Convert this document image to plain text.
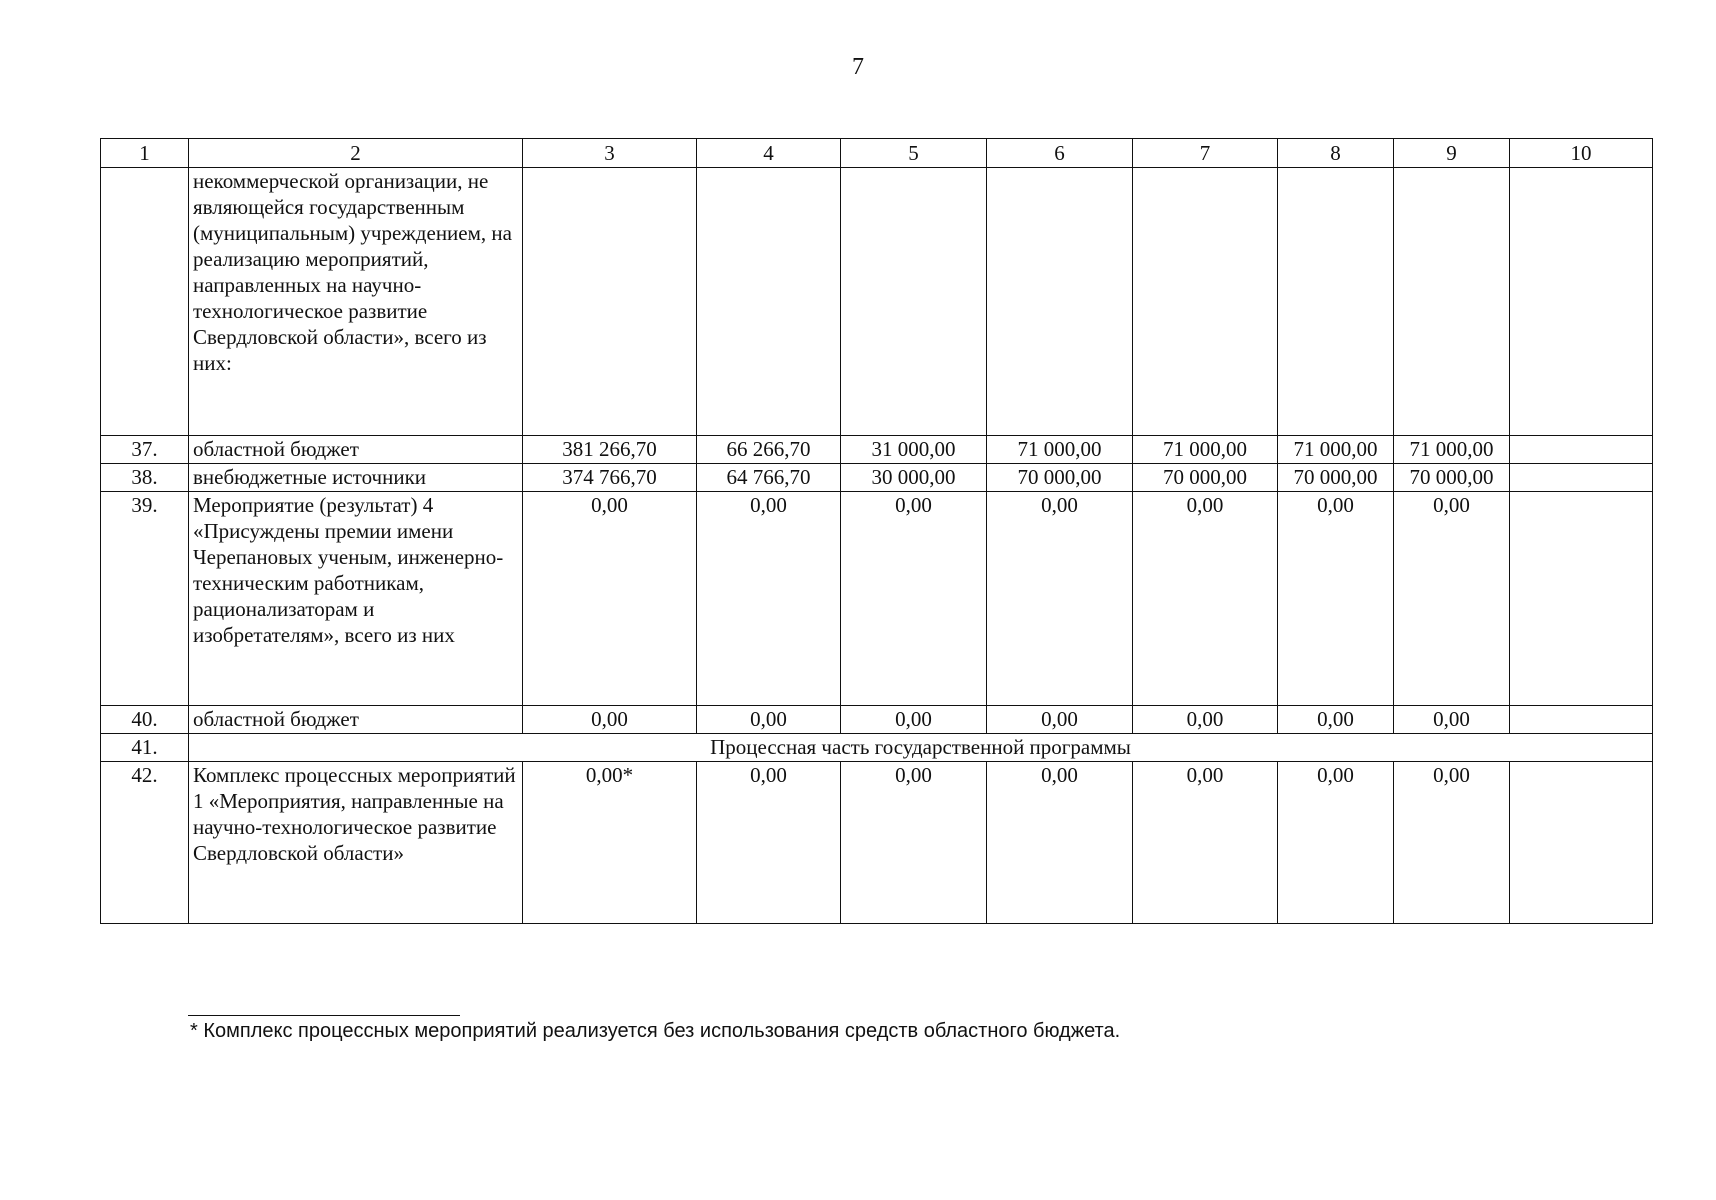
7
1	2	3	4	5	6	7	8	9	10
	некоммерческой организации, не являющейся государственным (муниципальным) учреждением, на реализацию мероприятий, направленных на научно-технологическое развитие Свердловской области», всего из них:								
37.	областной бюджет	381 266,70	66 266,70	31 000,00	71 000,00	71 000,00	71 000,00	71 000,00	
38.	внебюджетные источники	374 766,70	64 766,70	30 000,00	70 000,00	70 000,00	70 000,00	70 000,00	
39.	Мероприятие (результат) 4 «Присуждены премии имени Черепановых ученым, инженерно-техническим работникам, рационализаторам и изобретателям», всего из них	0,00	0,00	0,00	0,00	0,00	0,00	0,00	
40.	областной бюджет	0,00	0,00	0,00	0,00	0,00	0,00	0,00	
41.	Процессная часть государственной программы								
42.	Комплекс процессных мероприятий 1 «Мероприятия, направленные на научно-технологическое развитие Свердловской области»	0,00*	0,00	0,00	0,00	0,00	0,00	0,00	
* Комплекс процессных мероприятий реализуется без использования средств областного бюджета.
